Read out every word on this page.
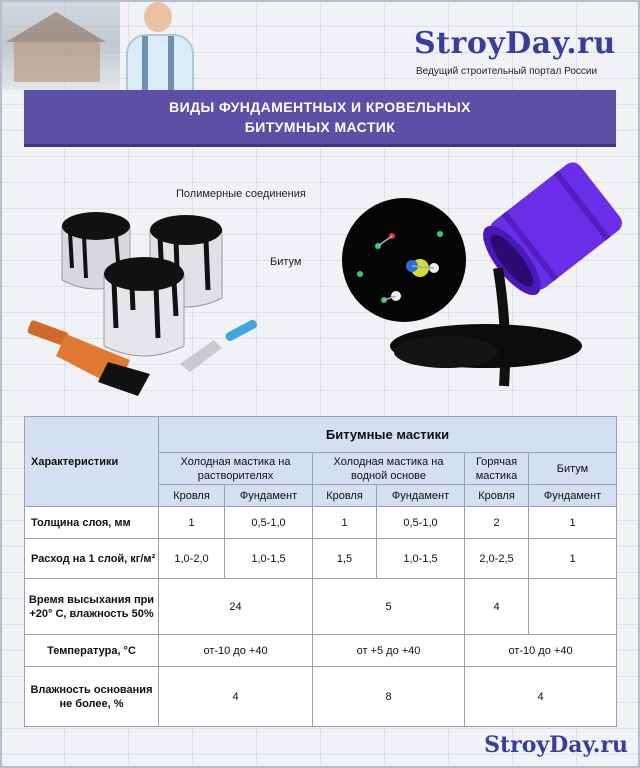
StroyDay.ru
Ведущий строительный портал России
ВИДЫ ФУНДАМЕНТНЫХ И КРОВЕЛЬНЫХ
БИТУМНЫХ МАСТИК
Полимерные соединения
Битум
Характеристики	Битумные мастики					
	Холодная мастика на растворителях		Холодная мастика на водной основе		Горячая мастика	Битум
	Кровля	Фундамент	Кровля	Фундамент	Кровля	Фундамент
Толщина слоя, мм	1	0,5-1,0	1	0,5-1,0	2	1
Расход на 1 слой, кг/м²	1,0-2,0	1,0-1,5	1,5	1,0-1,5	2,0-2,5	1
Время высыхания при +20° С, влажность 50%	24		5		4	
Температура, °С	от-10 до +40		от +5 до +40		от-10 до +40	
Влажность основания не более, %	4		8		4	
StroyDay.ru
